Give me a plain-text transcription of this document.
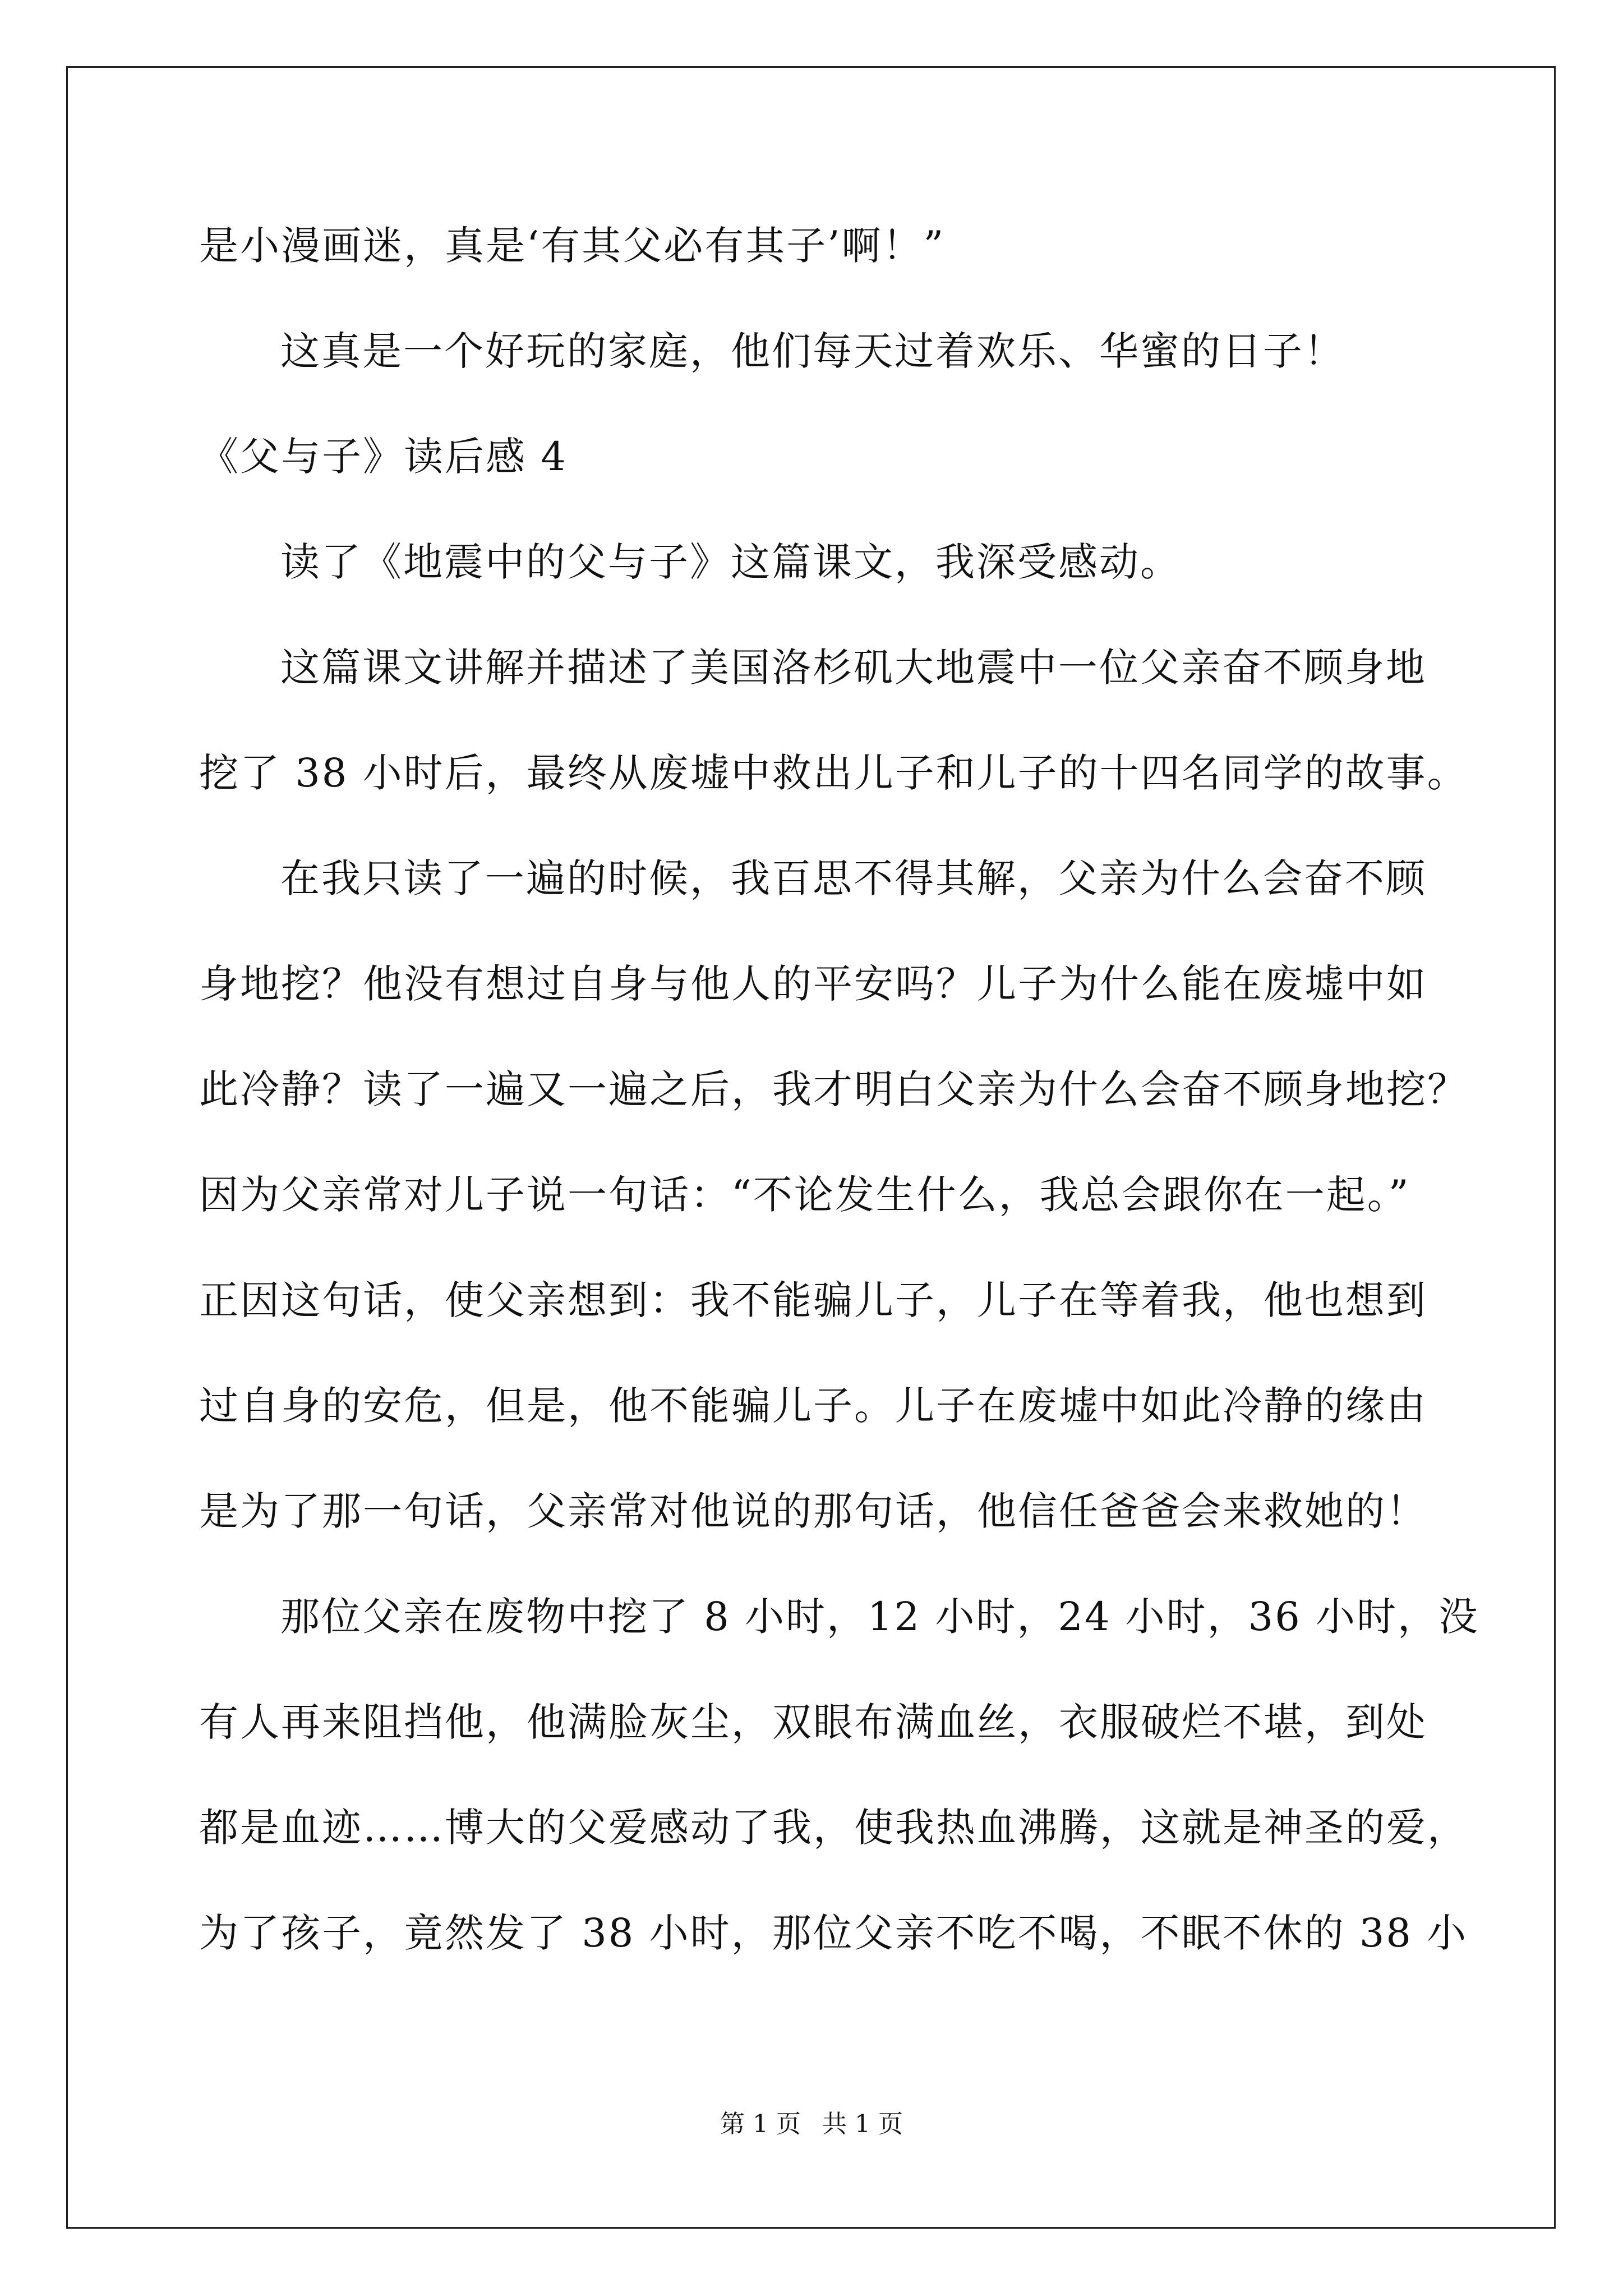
是小漫画迷，真是‘有其父必有其子’啊！”
这真是一个好玩的家庭，他们每天过着欢乐、华蜜的日子！
《父与子》读后感 4
读了《地震中的父与子》这篇课文，我深受感动。
这篇课文讲解并描述了美国洛杉矶大地震中一位父亲奋不顾身地
挖了 38 小时后，最终从废墟中救出儿子和儿子的十四名同学的故事。
在我只读了一遍的时候，我百思不得其解，父亲为什么会奋不顾
身地挖？他没有想过自身与他人的平安吗？儿子为什么能在废墟中如
此冷静？读了一遍又一遍之后，我才明白父亲为什么会奋不顾身地挖？
因为父亲常对儿子说一句话：“不论发生什么，我总会跟你在一起。”
正因这句话，使父亲想到：我不能骗儿子，儿子在等着我，他也想到
过自身的安危，但是，他不能骗儿子。儿子在废墟中如此冷静的缘由
是为了那一句话，父亲常对他说的那句话，他信任爸爸会来救她的！
那位父亲在废物中挖了 8 小时，12 小时，24 小时，36 小时，没
有人再来阻挡他，他满脸灰尘，双眼布满血丝，衣服破烂不堪，到处
都是血迹……博大的父爱感动了我，使我热血沸腾，这就是神圣的爱，
为了孩子，竟然发了 38 小时，那位父亲不吃不喝，不眠不休的 38 小
第 1 页 共 1 页
